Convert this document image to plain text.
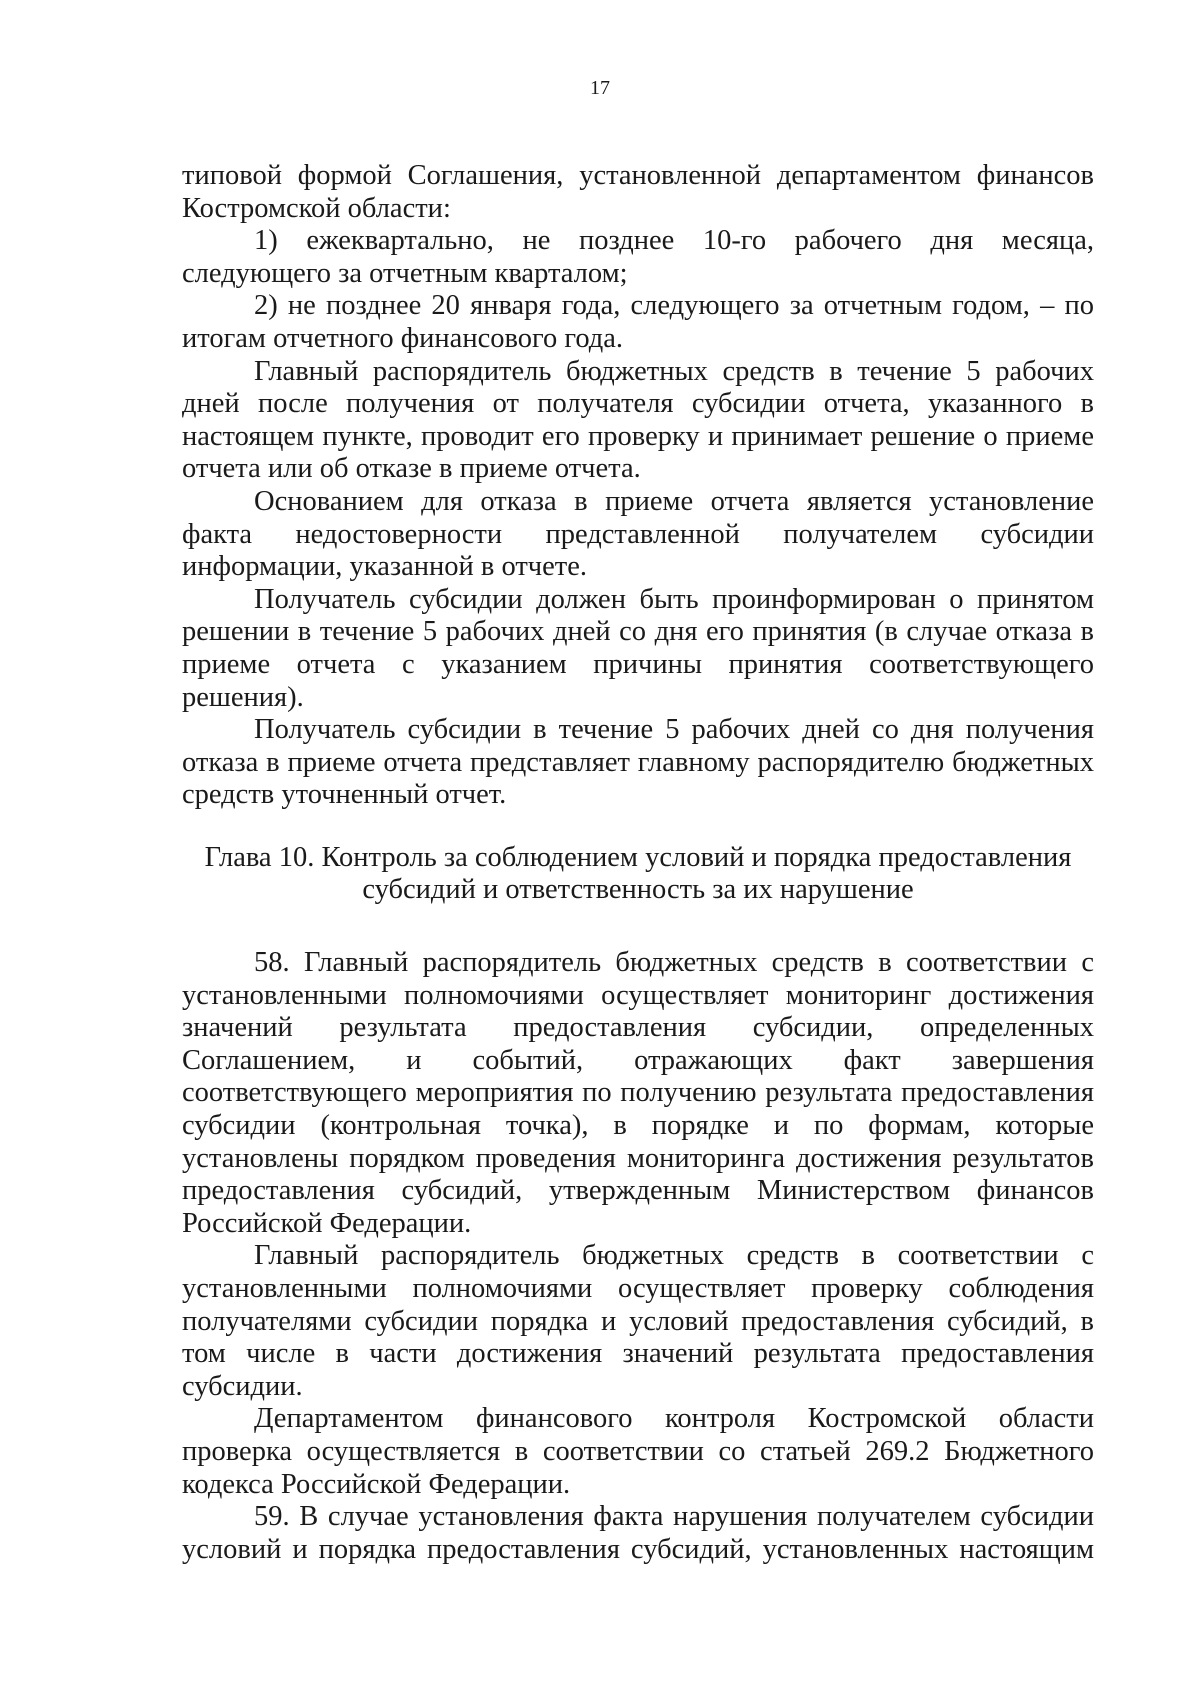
17

типовой формой Соглашения, установленной департаментом финансов Костромской области:

1) ежеквартально, не позднее 10-го рабочего дня месяца, следующего за отчетным кварталом;

2) не позднее 20 января года, следующего за отчетным годом, – по итогам отчетного финансового года.

Главный распорядитель бюджетных средств в течение 5 рабочих дней после получения от получателя субсидии отчета, указанного в настоящем пункте, проводит его проверку и принимает решение о приеме отчета или об отказе в приеме отчета.

Основанием для отказа в приеме отчета является установление факта недостоверности представленной получателем субсидии информации, указанной в отчете.

Получатель субсидии должен быть проинформирован о принятом решении в течение 5 рабочих дней со дня его принятия (в случае отказа в приеме отчета с указанием причины принятия соответствующего решения).

Получатель субсидии в течение 5 рабочих дней со дня получения отказа в приеме отчета представляет главному распорядителю бюджетных средств уточненный отчет.

Глава 10. Контроль за соблюдением условий и порядка предоставления
субсидий и ответственность за их нарушение

58. Главный распорядитель бюджетных средств в соответствии с установленными полномочиями осуществляет мониторинг достижения значений результата предоставления субсидии, определенных Соглашением, и событий, отражающих факт завершения соответствующего мероприятия по получению результата предоставления субсидии (контрольная точка), в порядке и по формам, которые установлены порядком проведения мониторинга достижения результатов предоставления субсидий, утвержденным Министерством финансов Российской Федерации.

Главный распорядитель бюджетных средств в соответствии с установленными полномочиями осуществляет проверку соблюдения получателями субсидии порядка и условий предоставления субсидий, в том числе в части достижения значений результата предоставления субсидии.

Департаментом финансового контроля Костромской области проверка осуществляется в соответствии со статьей 269.2 Бюджетного кодекса Российской Федерации.

59. В случае установления факта нарушения получателем субсидии условий и порядка предоставления субсидий, установленных настоящим
